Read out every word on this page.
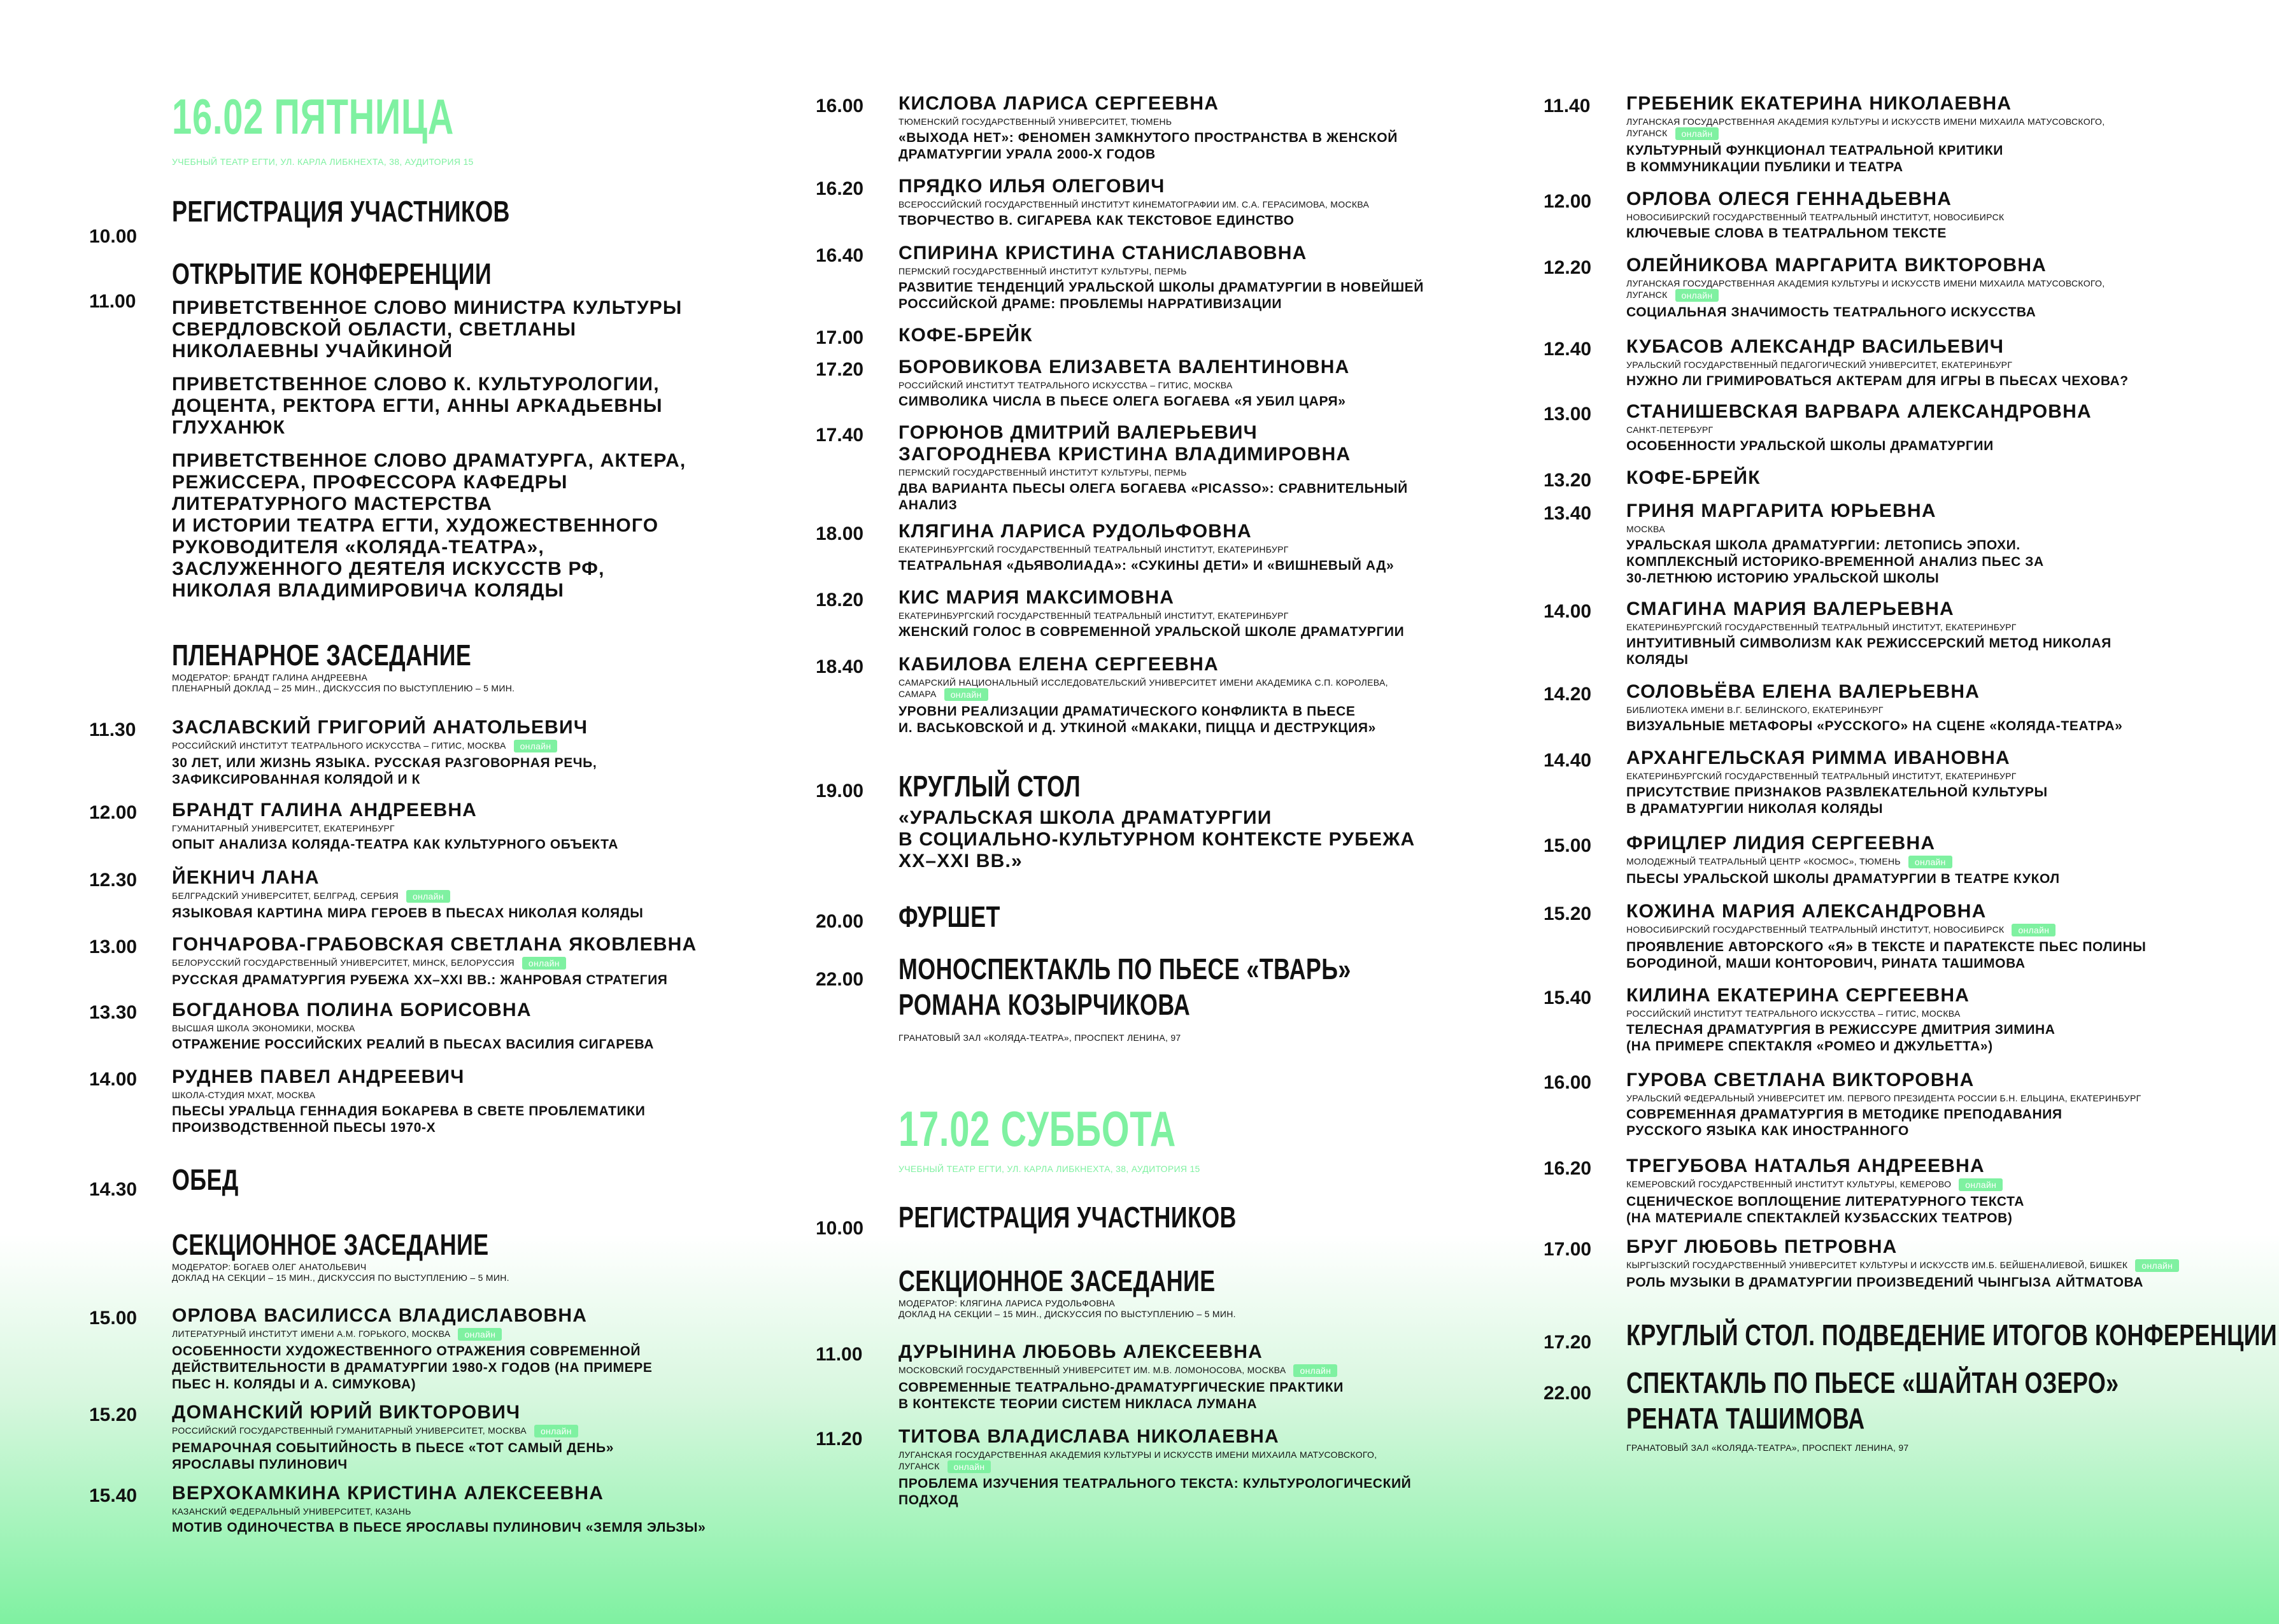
16.02 ПЯТНИЦА
УЧЕБНЫЙ ТЕАТР ЕГТИ, УЛ. КАРЛА ЛИБКНЕХТА, 38, АУДИТОРИЯ 15
10.00
РЕГИСТРАЦИЯ УЧАСТНИКОВ
11.00
ОТКРЫТИЕ КОНФЕРЕНЦИИ
ПРИВЕТСТВЕННОЕ СЛОВО МИНИСТРА КУЛЬТУРЫ
СВЕРДЛОВСКОЙ ОБЛАСТИ, СВЕТЛАНЫ
НИКОЛАЕВНЫ УЧАЙКИНОЙ
ПРИВЕТСТВЕННОЕ СЛОВО К. КУЛЬТУРОЛОГИИ,
ДОЦЕНТА, РЕКТОРА ЕГТИ, АННЫ АРКАДЬЕВНЫ
ГЛУХАНЮК
ПРИВЕТСТВЕННОЕ СЛОВО ДРАМАТУРГА, АКТЕРА,
РЕЖИССЕРА, ПРОФЕССОРА КАФЕДРЫ
ЛИТЕРАТУРНОГО МАСТЕРСТВА
И ИСТОРИИ ТЕАТРА ЕГТИ, ХУДОЖЕСТВЕННОГО
РУКОВОДИТЕЛЯ «КОЛЯДА-ТЕАТРА»,
ЗАСЛУЖЕННОГО ДЕЯТЕЛЯ ИСКУССТВ РФ,
НИКОЛАЯ ВЛАДИМИРОВИЧА КОЛЯДЫ
ПЛЕНАРНОЕ ЗАСЕДАНИЕ
МОДЕРАТОР: БРАНДТ ГАЛИНА АНДРЕЕВНА
ПЛЕНАРНЫЙ ДОКЛАД – 25 МИН., ДИСКУССИЯ ПО ВЫСТУПЛЕНИЮ – 5 МИН.
11.30	ЗАСЛАВСКИЙ ГРИГОРИЙ АНАТОЛЬЕВИЧ
РОССИЙСКИЙ ИНСТИТУТ ТЕАТРАЛЬНОГО ИСКУССТВА – ГИТИС, МОСКВА онлайн
30 ЛЕТ, ИЛИ ЖИЗНЬ ЯЗЫКА. РУССКАЯ РАЗГОВОРНАЯ РЕЧЬ,
ЗАФИКСИРОВАННАЯ КОЛЯДОЙ И К
12.00	БРАНДТ ГАЛИНА АНДРЕЕВНА
ГУМАНИТАРНЫЙ УНИВЕРСИТЕТ, ЕКАТЕРИНБУРГ
ОПЫТ АНАЛИЗА КОЛЯДА-ТЕАТРА КАК КУЛЬТУРНОГО ОБЪЕКТА
12.30	ЙЕКНИЧ ЛАНА
БЕЛГРАДСКИЙ УНИВЕРСИТЕТ, БЕЛГРАД, СЕРБИЯ онлайн
ЯЗЫКОВАЯ КАРТИНА МИРА ГЕРОЕВ В ПЬЕСАХ НИКОЛАЯ КОЛЯДЫ
13.00	ГОНЧАРОВА-ГРАБОВСКАЯ СВЕТЛАНА ЯКОВЛЕВНА
БЕЛОРУССКИЙ ГОСУДАРСТВЕННЫЙ УНИВЕРСИТЕТ, МИНСК, БЕЛОРУССИЯ онлайн
РУССКАЯ ДРАМАТУРГИЯ РУБЕЖА XX–XXI ВВ.: ЖАНРОВАЯ СТРАТЕГИЯ
13.30	БОГДАНОВА ПОЛИНА БОРИСОВНА
ВЫСШАЯ ШКОЛА ЭКОНОМИКИ, МОСКВА
ОТРАЖЕНИЕ РОССИЙСКИХ РЕАЛИЙ В ПЬЕСАХ ВАСИЛИЯ СИГАРЕВА
14.00	РУДНЕВ ПАВЕЛ АНДРЕЕВИЧ
ШКОЛА-СТУДИЯ МХАТ, МОСКВА
ПЬЕСЫ УРАЛЬЦА ГЕННАДИЯ БОКАРЕВА В СВЕТЕ ПРОБЛЕМАТИКИ
ПРОИЗВОДСТВЕННОЙ ПЬЕСЫ 1970-Х
14.30	ОБЕД
СЕКЦИОННОЕ ЗАСЕДАНИЕ
МОДЕРАТОР: БОГАЕВ ОЛЕГ АНАТОЛЬЕВИЧ
ДОКЛАД НА СЕКЦИИ – 15 МИН., ДИСКУССИЯ ПО ВЫСТУПЛЕНИЮ – 5 МИН.
15.00	ОРЛОВА ВАСИЛИССА ВЛАДИСЛАВОВНА
ЛИТЕРАТУРНЫЙ ИНСТИТУТ ИМЕНИ А.М. ГОРЬКОГО, МОСКВА онлайн
ОСОБЕННОСТИ ХУДОЖЕСТВЕННОГО ОТРАЖЕНИЯ СОВРЕМЕННОЙ
ДЕЙСТВИТЕЛЬНОСТИ В ДРАМАТУРГИИ 1980-Х ГОДОВ (НА ПРИМЕРЕ
ПЬЕС Н. КОЛЯДЫ И А. СИМУКОВА)
15.20	ДОМАНСКИЙ ЮРИЙ ВИКТОРОВИЧ
РОССИЙСКИЙ ГОСУДАРСТВЕННЫЙ ГУМАНИТАРНЫЙ УНИВЕРСИТЕТ, МОСКВА онлайн
РЕМАРОЧНАЯ СОБЫТИЙНОСТЬ В ПЬЕСЕ «ТОТ САМЫЙ ДЕНЬ»
ЯРОСЛАВЫ ПУЛИНОВИЧ
15.40	ВЕРХОКАМКИНА КРИСТИНА АЛЕКСЕЕВНА
КАЗАНСКИЙ ФЕДЕРАЛЬНЫЙ УНИВЕРСИТЕТ, КАЗАНЬ
МОТИВ ОДИНОЧЕСТВА В ПЬЕСЕ ЯРОСЛАВЫ ПУЛИНОВИЧ «ЗЕМЛЯ ЭЛЬЗЫ»
16.00	КИСЛОВА ЛАРИСА СЕРГЕЕВНА
ТЮМЕНСКИЙ ГОСУДАРСТВЕННЫЙ УНИВЕРСИТЕТ, ТЮМЕНЬ
«ВЫХОДА НЕТ»: ФЕНОМЕН ЗАМКНУТОГО ПРОСТРАНСТВА В ЖЕНСКОЙ
ДРАМАТУРГИИ УРАЛА 2000-Х ГОДОВ
16.20	ПРЯДКО ИЛЬЯ ОЛЕГОВИЧ
ВСЕРОССИЙСКИЙ ГОСУДАРСТВЕННЫЙ ИНСТИТУТ КИНЕМАТОГРАФИИ ИМ. С.А. ГЕРАСИМОВА, МОСКВА
ТВОРЧЕСТВО В. СИГАРЕВА КАК ТЕКСТОВОЕ ЕДИНСТВО
16.40	СПИРИНА КРИСТИНА СТАНИСЛАВОВНА
ПЕРМСКИЙ ГОСУДАРСТВЕННЫЙ ИНСТИТУТ КУЛЬТУРЫ, ПЕРМЬ
РАЗВИТИЕ ТЕНДЕНЦИЙ УРАЛЬСКОЙ ШКОЛЫ ДРАМАТУРГИИ В НОВЕЙШЕЙ
РОССИЙСКОЙ ДРАМЕ: ПРОБЛЕМЫ НАРРАТИВИЗАЦИИ
17.00	КОФЕ-БРЕЙК
17.20	БОРОВИКОВА ЕЛИЗАВЕТА ВАЛЕНТИНОВНА
РОССИЙСКИЙ ИНСТИТУТ ТЕАТРАЛЬНОГО ИСКУССТВА – ГИТИС, МОСКВА
СИМВОЛИКА ЧИСЛА В ПЬЕСЕ ОЛЕГА БОГАЕВА «Я УБИЛ ЦАРЯ»
17.40	ГОРЮНОВ ДМИТРИЙ ВАЛЕРЬЕВИЧ
ЗАГОРОДНЕВА КРИСТИНА ВЛАДИМИРОВНА
ПЕРМСКИЙ ГОСУДАРСТВЕННЫЙ ИНСТИТУТ КУЛЬТУРЫ, ПЕРМЬ
ДВА ВАРИАНТА ПЬЕСЫ ОЛЕГА БОГАЕВА «PICASSO»: СРАВНИТЕЛЬНЫЙ
АНАЛИЗ
18.00	КЛЯГИНА ЛАРИСА РУДОЛЬФОВНА
ЕКАТЕРИНБУРГСКИЙ ГОСУДАРСТВЕННЫЙ ТЕАТРАЛЬНЫЙ ИНСТИТУТ, ЕКАТЕРИНБУРГ
ТЕАТРАЛЬНАЯ «ДЬЯВОЛИАДА»: «СУКИНЫ ДЕТИ» И «ВИШНЕВЫЙ АД»
18.20	КИС МАРИЯ МАКСИМОВНА
ЕКАТЕРИНБУРГСКИЙ ГОСУДАРСТВЕННЫЙ ТЕАТРАЛЬНЫЙ ИНСТИТУТ, ЕКАТЕРИНБУРГ
ЖЕНСКИЙ ГОЛОС В СОВРЕМЕННОЙ УРАЛЬСКОЙ ШКОЛЕ ДРАМАТУРГИИ
18.40	КАБИЛОВА ЕЛЕНА СЕРГЕЕВНА
САМАРСКИЙ НАЦИОНАЛЬНЫЙ ИССЛЕДОВАТЕЛЬСКИЙ УНИВЕРСИТЕТ ИМЕНИ АКАДЕМИКА С.П. КОРОЛЕВА,
САМАРА онлайн
УРОВНИ РЕАЛИЗАЦИИ ДРАМАТИЧЕСКОГО КОНФЛИКТА В ПЬЕСЕ
И. ВАСЬКОВСКОЙ И Д. УТКИНОЙ «МАКАКИ, ПИЦЦА И ДЕСТРУКЦИЯ»
19.00	КРУГЛЫЙ СТОЛ
«УРАЛЬСКАЯ ШКОЛА ДРАМАТУРГИИ
В СОЦИАЛЬНО-КУЛЬТУРНОМ КОНТЕКСТЕ РУБЕЖА
XX–XXI ВВ.»
20.00	ФУРШЕТ
22.00	МОНОСПЕКТАКЛЬ ПО ПЬЕСЕ «ТВАРЬ» РОМАНА КОЗЫРЧИКОВА
ГРАНАТОВЫЙ ЗАЛ «КОЛЯДА-ТЕАТРА», ПРОСПЕКТ ЛЕНИНА, 97
17.02 СУББОТА
УЧЕБНЫЙ ТЕАТР ЕГТИ, УЛ. КАРЛА ЛИБКНЕХТА, 38, АУДИТОРИЯ 15
10.00	РЕГИСТРАЦИЯ УЧАСТНИКОВ
СЕКЦИОННОЕ ЗАСЕДАНИЕ
МОДЕРАТОР: КЛЯГИНА ЛАРИСА РУДОЛЬФОВНА
ДОКЛАД НА СЕКЦИИ – 15 МИН., ДИСКУССИЯ ПО ВЫСТУПЛЕНИЮ – 5 МИН.
11.00	ДУРЫНИНА ЛЮБОВЬ АЛЕКСЕЕВНА
МОСКОВСКИЙ ГОСУДАРСТВЕННЫЙ УНИВЕРСИТЕТ ИМ. М.В. ЛОМОНОСОВА, МОСКВА онлайн
СОВРЕМЕННЫЕ ТЕАТРАЛЬНО-ДРАМАТУРГИЧЕСКИЕ ПРАКТИКИ
В КОНТЕКСТЕ ТЕОРИИ СИСТЕМ НИКЛАСА ЛУМАНА
11.20	ТИТОВА ВЛАДИСЛАВА НИКОЛАЕВНА
ЛУГАНСКАЯ ГОСУДАРСТВЕННАЯ АКАДЕМИЯ КУЛЬТУРЫ И ИСКУССТВ ИМЕНИ МИХАИЛА МАТУСОВСКОГО,
ЛУГАНСК онлайн
ПРОБЛЕМА ИЗУЧЕНИЯ ТЕАТРАЛЬНОГО ТЕКСТА: КУЛЬТУРОЛОГИЧЕСКИЙ
ПОДХОД
11.40	ГРЕБЕНИК ЕКАТЕРИНА НИКОЛАЕВНА
ЛУГАНСКАЯ ГОСУДАРСТВЕННАЯ АКАДЕМИЯ КУЛЬТУРЫ И ИСКУССТВ ИМЕНИ МИХАИЛА МАТУСОВСКОГО,
ЛУГАНСК онлайн
КУЛЬТУРНЫЙ ФУНКЦИОНАЛ ТЕАТРАЛЬНОЙ КРИТИКИ
В КОММУНИКАЦИИ ПУБЛИКИ И ТЕАТРА
12.00	ОРЛОВА ОЛЕСЯ ГЕННАДЬЕВНА
НОВОСИБИРСКИЙ ГОСУДАРСТВЕННЫЙ ТЕАТРАЛЬНЫЙ ИНСТИТУТ, НОВОСИБИРСК
КЛЮЧЕВЫЕ СЛОВА В ТЕАТРАЛЬНОМ ТЕКСТЕ
12.20	ОЛЕЙНИКОВА МАРГАРИТА ВИКТОРОВНА
ЛУГАНСКАЯ ГОСУДАРСТВЕННАЯ АКАДЕМИЯ КУЛЬТУРЫ И ИСКУССТВ ИМЕНИ МИХАИЛА МАТУСОВСКОГО,
ЛУГАНСК онлайн
СОЦИАЛЬНАЯ ЗНАЧИМОСТЬ ТЕАТРАЛЬНОГО ИСКУССТВА
12.40	КУБАСОВ АЛЕКСАНДР ВАСИЛЬЕВИЧ
УРАЛЬСКИЙ ГОСУДАРСТВЕННЫЙ ПЕДАГОГИЧЕСКИЙ УНИВЕРСИТЕТ, ЕКАТЕРИНБУРГ
НУЖНО ЛИ ГРИМИРОВАТЬСЯ АКТЕРАМ ДЛЯ ИГРЫ В ПЬЕСАХ ЧЕХОВА?
13.00	СТАНИШЕВСКАЯ ВАРВАРА АЛЕКСАНДРОВНА
САНКТ-ПЕТЕРБУРГ
ОСОБЕННОСТИ УРАЛЬСКОЙ ШКОЛЫ ДРАМАТУРГИИ
13.20	КОФЕ-БРЕЙК
13.40	ГРИНЯ МАРГАРИТА ЮРЬЕВНА
МОСКВА
УРАЛЬСКАЯ ШКОЛА ДРАМАТУРГИИ: ЛЕТОПИСЬ ЭПОХИ.
КОМПЛЕКСНЫЙ ИСТОРИКО-ВРЕМЕННОЙ АНАЛИЗ ПЬЕС ЗА
30-ЛЕТНЮЮ ИСТОРИЮ УРАЛЬСКОЙ ШКОЛЫ
14.00	СМАГИНА МАРИЯ ВАЛЕРЬЕВНА
ЕКАТЕРИНБУРГСКИЙ ГОСУДАРСТВЕННЫЙ ТЕАТРАЛЬНЫЙ ИНСТИТУТ, ЕКАТЕРИНБУРГ
ИНТУИТИВНЫЙ СИМВОЛИЗМ КАК РЕЖИССЕРСКИЙ МЕТОД НИКОЛАЯ
КОЛЯДЫ
14.20	СОЛОВЬЁВА ЕЛЕНА ВАЛЕРЬЕВНА
БИБЛИОТЕКА ИМЕНИ В.Г. БЕЛИНСКОГО, ЕКАТЕРИНБУРГ
ВИЗУАЛЬНЫЕ МЕТАФОРЫ «РУССКОГО» НА СЦЕНЕ «КОЛЯДА-ТЕАТРА»
14.40	АРХАНГЕЛЬСКАЯ РИММА ИВАНОВНА
ЕКАТЕРИНБУРГСКИЙ ГОСУДАРСТВЕННЫЙ ТЕАТРАЛЬНЫЙ ИНСТИТУТ, ЕКАТЕРИНБУРГ
ПРИСУТСТВИЕ ПРИЗНАКОВ РАЗВЛЕКАТЕЛЬНОЙ КУЛЬТУРЫ
В ДРАМАТУРГИИ НИКОЛАЯ КОЛЯДЫ
15.00	ФРИЦЛЕР ЛИДИЯ СЕРГЕЕВНА
МОЛОДЕЖНЫЙ ТЕАТРАЛЬНЫЙ ЦЕНТР «КОСМОС», ТЮМЕНЬ онлайн
ПЬЕСЫ УРАЛЬСКОЙ ШКОЛЫ ДРАМАТУРГИИ В ТЕАТРЕ КУКОЛ
15.20	КОЖИНА МАРИЯ АЛЕКСАНДРОВНА
НОВОСИБИРСКИЙ ГОСУДАРСТВЕННЫЙ ТЕАТРАЛЬНЫЙ ИНСТИТУТ, НОВОСИБИРСК онлайн
ПРОЯВЛЕНИЕ АВТОРСКОГО «Я» В ТЕКСТЕ И ПАРАТЕКСТЕ ПЬЕС ПОЛИНЫ
БОРОДИНОЙ, МАШИ КОНТОРОВИЧ, РИНАТА ТАШИМОВА
15.40	КИЛИНА ЕКАТЕРИНА СЕРГЕЕВНА
РОССИЙСКИЙ ИНСТИТУТ ТЕАТРАЛЬНОГО ИСКУССТВА – ГИТИС, МОСКВА
ТЕЛЕСНАЯ ДРАМАТУРГИЯ В РЕЖИССУРЕ ДМИТРИЯ ЗИМИНА
(НА ПРИМЕРЕ СПЕКТАКЛЯ «РОМЕО И ДЖУЛЬЕТТА»)
16.00	ГУРОВА СВЕТЛАНА ВИКТОРОВНА
УРАЛЬСКИЙ ФЕДЕРАЛЬНЫЙ УНИВЕРСИТЕТ ИМ. ПЕРВОГО ПРЕЗИДЕНТА РОССИИ Б.Н. ЕЛЬЦИНА, ЕКАТЕРИНБУРГ
СОВРЕМЕННАЯ ДРАМАТУРГИЯ В МЕТОДИКЕ ПРЕПОДАВАНИЯ
РУССКОГО ЯЗЫКА КАК ИНОСТРАННОГО
16.20	ТРЕГУБОВА НАТАЛЬЯ АНДРЕЕВНА
КЕМЕРОВСКИЙ ГОСУДАРСТВЕННЫЙ ИНСТИТУТ КУЛЬТУРЫ, КЕМЕРОВО онлайн
СЦЕНИЧЕСКОЕ ВОПЛОЩЕНИЕ ЛИТЕРАТУРНОГО ТЕКСТА
(НА МАТЕРИАЛЕ СПЕКТАКЛЕЙ КУЗБАССКИХ ТЕАТРОВ)
17.00	БРУГ ЛЮБОВЬ ПЕТРОВНА
КЫРГЫЗСКИЙ ГОСУДАРСТВЕННЫЙ УНИВЕРСИТЕТ КУЛЬТУРЫ И ИСКУССТВ ИМ.Б. БЕЙШЕНАЛИЕВОЙ, БИШКЕК онлайн
РОЛЬ МУЗЫКИ В ДРАМАТУРГИИ ПРОИЗВЕДЕНИЙ ЧЫНГЫЗА АЙТМАТОВА
17.20	КРУГЛЫЙ СТОЛ. ПОДВЕДЕНИЕ ИТОГОВ КОНФЕРЕНЦИИ
22.00	СПЕКТАКЛЬ ПО ПЬЕСЕ «ШАЙТАН ОЗЕРО» РЕНАТА ТАШИМОВА
ГРАНАТОВЫЙ ЗАЛ «КОЛЯДА-ТЕАТРА», ПРОСПЕКТ ЛЕНИНА, 97
